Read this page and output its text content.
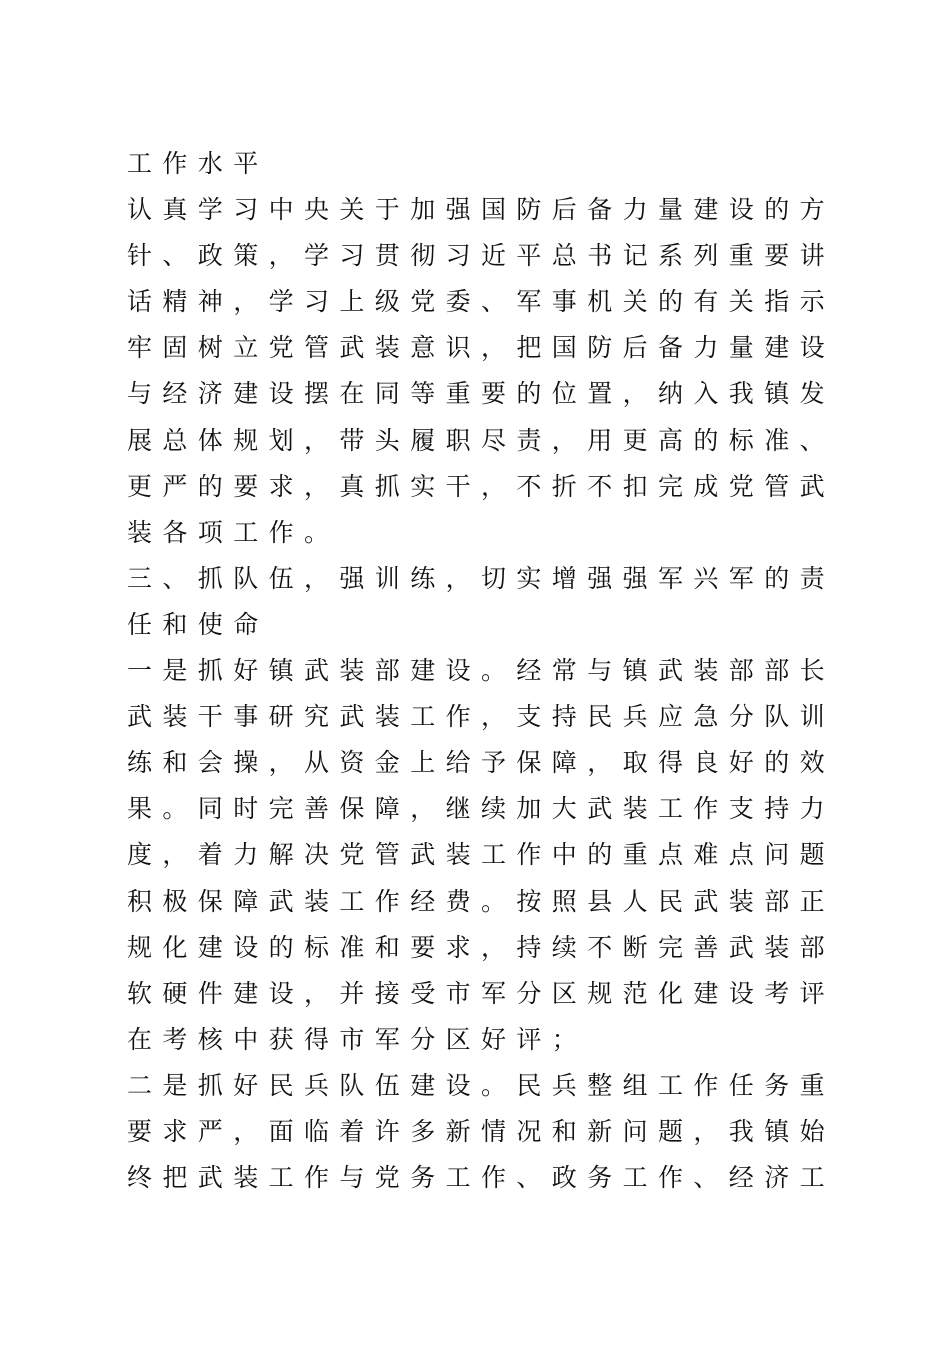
工作水平
认真学习中央关于加强国防后备力量建设的方
针、政策，学习贯彻习近平总书记系列重要讲
话精神，学习上级党委、军事机关的有关指示
牢固树立党管武装意识，把国防后备力量建设
与经济建设摆在同等重要的位置，纳入我镇发
展总体规划，带头履职尽责，用更高的标准、
更严的要求，真抓实干，不折不扣完成党管武
装各项工作。
三、抓队伍，强训练，切实增强强军兴军的责
任和使命
一是抓好镇武装部建设。经常与镇武装部部长
武装干事研究武装工作，支持民兵应急分队训
练和会操，从资金上给予保障，取得良好的效
果。同时完善保障，继续加大武装工作支持力
度，着力解决党管武装工作中的重点难点问题
积极保障武装工作经费。按照县人民武装部正
规化建设的标准和要求，持续不断完善武装部
软硬件建设，并接受市军分区规范化建设考评
在考核中获得市军分区好评；
二是抓好民兵队伍建设。民兵整组工作任务重
要求严，面临着许多新情况和新问题，我镇始
终把武装工作与党务工作、政务工作、经济工
